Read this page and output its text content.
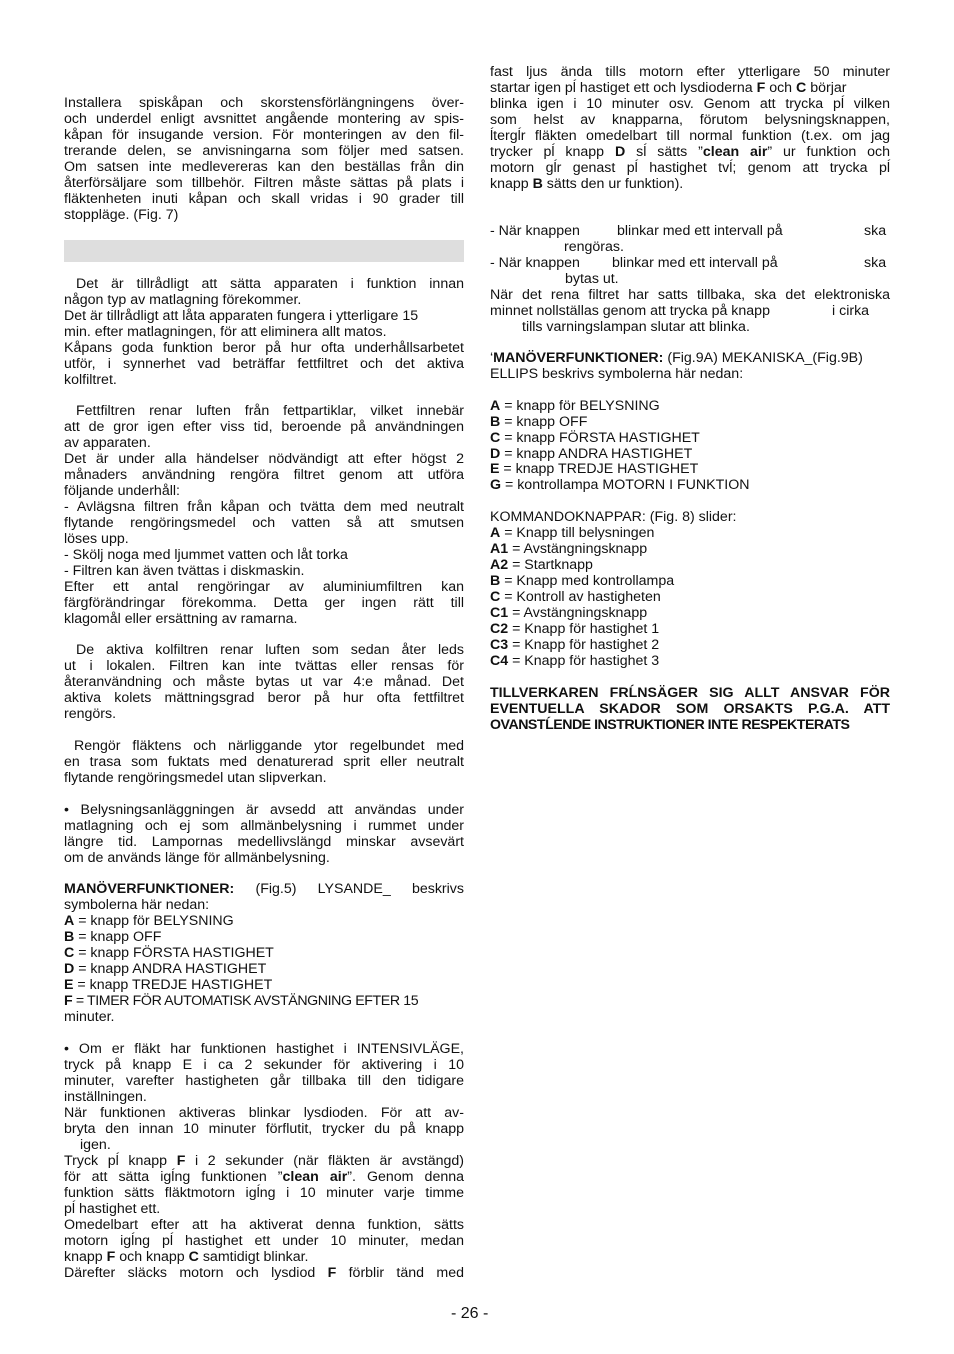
Installera spiskåpan och skorstensförlängningens över-
och underdel enligt avsnittet angående montering av spis-
kåpan för insugande version. För monteringen av den fil-
trerande delen, se anvisningarna som följer med satsen.
Om satsen inte medlevereras kan den beställas från din
återförsäljare som tillbehör. Filtren måste sättas på plats i
fläktenheten inuti kåpan och skall vridas i 90 grader till
stoppläge. (Fig. 7)
Det är tillrådligt att sätta apparaten i funktion innan
någon typ av matlagning förekommer.
Det är tillrådligt att låta apparaten fungera i ytterligare 15
min. efter matlagningen, för att eliminera allt matos.
Kåpans goda funktion beror på hur ofta underhållsarbetet
utför, i synnerhet vad beträffar fettfiltret och det aktiva
kolfiltret.
Fettfiltren renar luften från fettpartiklar, vilket innebär
att de gror igen efter viss tid, beroende på användningen
av apparaten.
Det är under alla händelser nödvändigt att efter högst 2
månaders användning rengöra filtret genom att utföra
följande underhåll:
- Avlägsna filtren från kåpan och tvätta dem med neutralt
flytande rengöringsmedel och vatten så att smutsen
löses upp.
- Skölj noga med ljummet vatten och låt torka
- Filtren kan även tvättas i diskmaskin.
Efter ett antal rengöringar av aluminiumfiltren kan
färgförändringar förekomma. Detta ger ingen rätt till
klagomål eller ersättning av ramarna.
De aktiva kolfiltren renar luften som sedan åter leds
ut i lokalen. Filtren kan inte tvättas eller rensas för
återanvändning och måste bytas ut var 4:e månad. Det
aktiva kolets mättningsgrad beror på hur ofta fettfiltret
rengörs.
Rengör fläktens och närliggande ytor regelbundet med
en trasa som fuktats med denaturerad sprit eller neutralt
flytande rengöringsmedel utan slipverkan.
• Belysningsanläggningen är avsedd att användas under
matlagning och ej som allmänbelysning i rummet under
längre tid. Lampornas medellivslängd minskar avsevärt
om de används länge för allmänbelysning.
MANÖVERFUNKTIONER: (Fig.5) LYSANDE_ beskrivs
symbolerna här nedan:
A = knapp för BELYSNING
B = knapp OFF
C = knapp FÖRSTA HASTIGHET
D = knapp ANDRA HASTIGHET
E = knapp TREDJE HASTIGHET
F = TIMER FÖR AUTOMATISK AVSTÄNGNING EFTER 15
minuter.
• Om er fläkt har funktionen hastighet i INTENSIVLÄGE,
tryck på knapp E i ca 2 sekunder för aktivering i 10
minuter, varefter hastigheten går tillbaka till den tidigare
inställningen.
När funktionen aktiveras blinkar lysdioden. För att av-
bryta den innan 10 minuter förflutit, trycker du på knapp
igen.
Tryck pĺ knapp F i 2 sekunder (när fläkten är avstängd)
för att sätta igĺng funktionen ”clean air”. Genom denna
funktion sätts fläktmotorn igĺng i 10 minuter varje timme
pĺ hastighet ett.
Omedelbart efter att ha aktiverat denna funktion, sätts
motorn igĺng pĺ hastighet ett under 10 minuter, medan
knapp F och knapp C samtidigt blinkar.
Därefter släcks motorn och lysdiod F förblir tänd med
fast ljus ända tills motorn efter ytterligare 50 minuter
startar igen pĺ hastiget ett och lysdioderna F och C börjar
blinka igen i 10 minuter osv. Genom att trycka pĺ vilken
som helst av knapparna, förutom belysningsknappen,
ĺtergĺr fläkten omedelbart till normal funktion (t.ex. om jag
trycker pĺ knapp D sĺ sätts ”clean air” ur funktion och
motorn gĺr genast pĺ hastighet tvĺ; genom att trycka pĺ
knapp B sätts den ur funktion).
- När knappen	blinkar med ett intervall på	ska
rengöras.
- När knappen	blinkar med ett intervall på	ska
bytas ut.
När det rena filtret har satts tillbaka, ska det elektroniska
minnet nollställas genom att trycka på knapp	i cirka
tills varningslampan slutar att blinka.
‘MANÖVERFUNKTIONER: (Fig.9A) MEKANISKA_(Fig.9B)
ELLIPS beskrivs symbolerna här nedan:
A = knapp för BELYSNING
B = knapp OFF
C = knapp FÖRSTA HASTIGHET
D = knapp ANDRA HASTIGHET
E = knapp TREDJE HASTIGHET
G = kontrollampa MOTORN I FUNKTION
KOMMANDOKNAPPAR: (Fig. 8) slider:
A = Knapp till belysningen
A1 = Avstängningsknapp
A2 = Startknapp
B = Knapp med kontrollampa
C = Kontroll av hastigheten
C1 = Avstängningsknapp
C2 = Knapp för hastighet 1
C3 = Knapp för hastighet 2
C4 = Knapp för hastighet 3
TILLVERKAREN FRĹNSÄGER SIG ALLT ANSVAR FÖR
EVENTUELLA SKADOR SOM ORSAKTS P.G.A. ATT
OVANSTĹENDE INSTRUKTIONER INTE RESPEKTERATS
- 26 -
